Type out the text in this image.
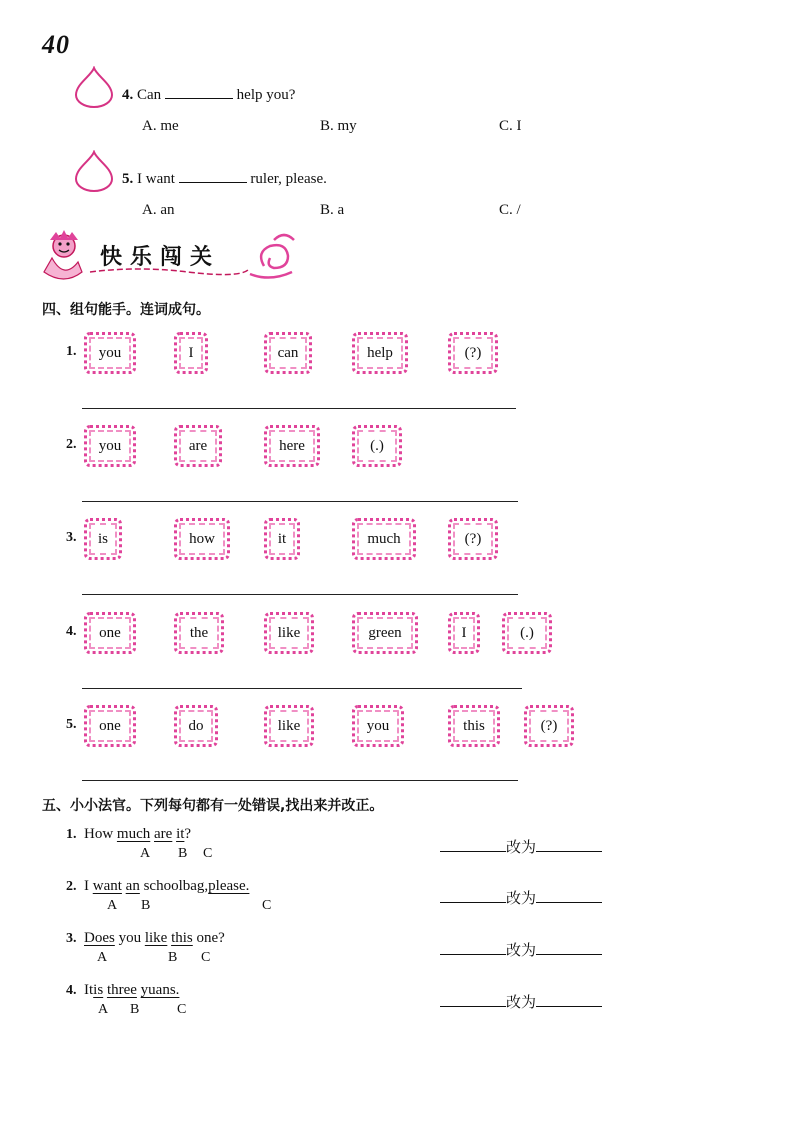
40
4. Can	help you?
A. me	B. my	C. I
5. I want	ruler, please.
A. an	B. a	C. /
快乐闯关
四、组句能手。连词成句。
1.	you	I	can	help	(?)
2.	you	are	here	(.)
3.	is	how	it	much	(?)
4.	one	the	like	green	I	(.)
5.	one	do	like	you	this	(?)
五、小小法官。下列每句都有一处错误,找出来并改正。
1. How much are it?
A B C	改为
2. I want an schoolbag,please.
A B	C	改为
3. Does you like this one?
A	B C	改为
4. Itis three yuans.
A B	C	改为
